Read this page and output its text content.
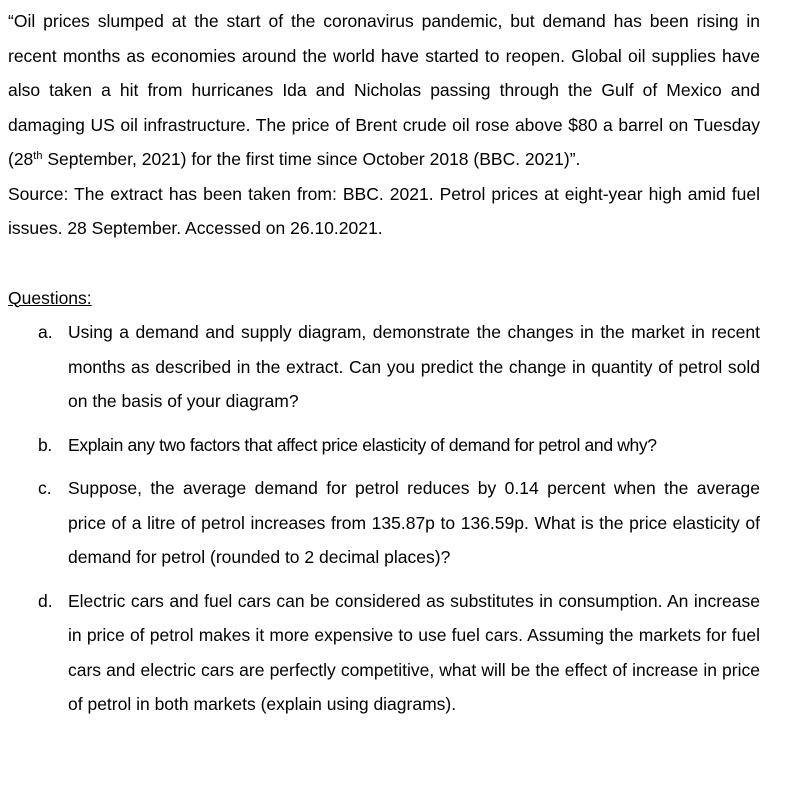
“Oil prices slumped at the start of the coronavirus pandemic, but demand has been rising in recent months as economies around the world have started to reopen. Global oil supplies have also taken a hit from hurricanes Ida and Nicholas passing through the Gulf of Mexico and damaging US oil infrastructure. The price of Brent crude oil rose above $80 a barrel on Tuesday (28th September, 2021) for the first time since October 2018 (BBC. 2021)”.

Source: The extract has been taken from: BBC. 2021. Petrol prices at eight-year high amid fuel issues. 28 September. Accessed on 26.10.2021.

Questions:

a. Using a demand and supply diagram, demonstrate the changes in the market in recent months as described in the extract. Can you predict the change in quantity of petrol sold on the basis of your diagram?
b. Explain any two factors that affect price elasticity of demand for petrol and why?
c. Suppose, the average demand for petrol reduces by 0.14 percent when the average price of a litre of petrol increases from 135.87p to 136.59p. What is the price elasticity of demand for petrol (rounded to 2 decimal places)?
d. Electric cars and fuel cars can be considered as substitutes in consumption. An increase in price of petrol makes it more expensive to use fuel cars. Assuming the markets for fuel cars and electric cars are perfectly competitive, what will be the effect of increase in price of petrol in both markets (explain using diagrams).
